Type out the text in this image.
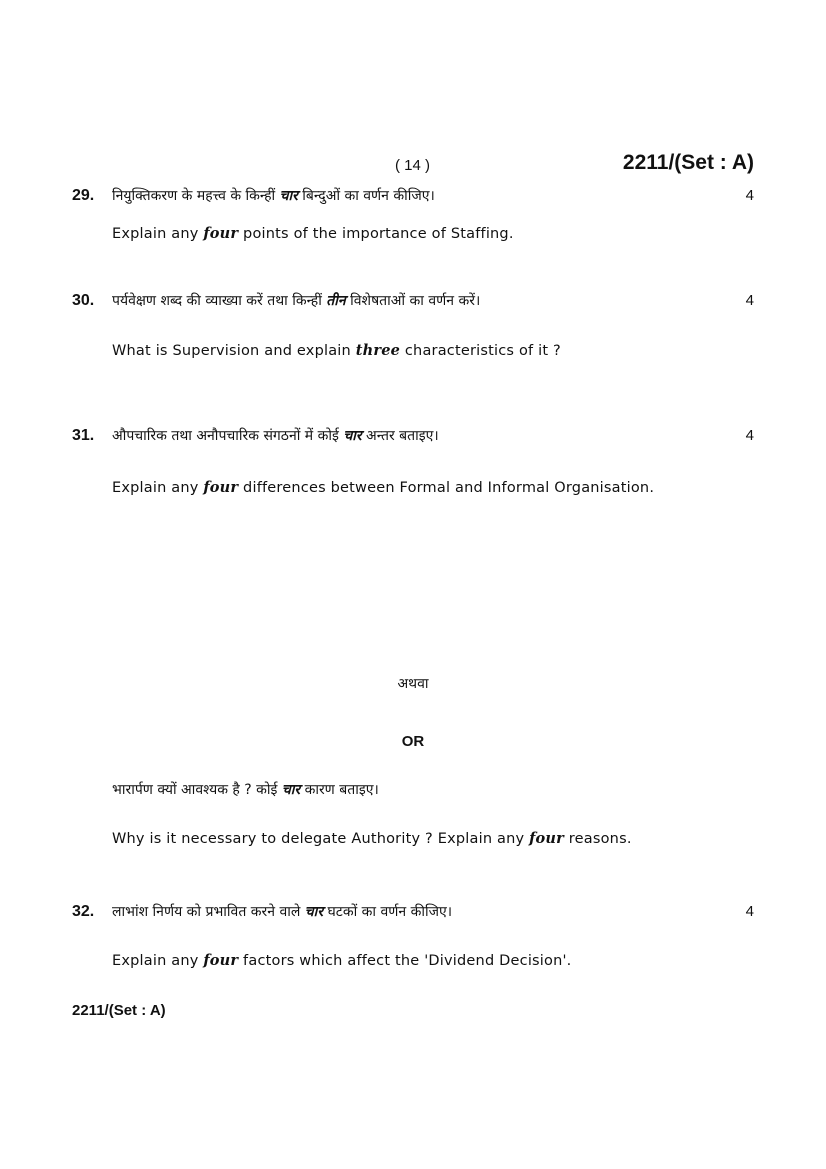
( 14 )	2211/(Set : A)
29. नियुक्तिकरण के महत्त्व के किन्हीं चार बिन्दुओं का वर्णन कीजिए।	4
Explain any four points of the importance of Staffing.
30. पर्यवेक्षण शब्द की व्याख्या करें तथा किन्हीं तीन विशेषताओं का वर्णन करें।	4
What is Supervision and explain three characteristics of it ?
31. औपचारिक तथा अनौपचारिक संगठनों में कोई चार अन्तर बताइए।	4
Explain any four differences between Formal and Informal Organisation.
अथवा
OR
भारार्पण क्यों आवश्यक है ? कोई चार कारण बताइए।
Why is it necessary to delegate Authority ? Explain any four reasons.
32. लाभांश निर्णय को प्रभावित करने वाले चार घटकों का वर्णन कीजिए।	4
Explain any four factors which affect the 'Dividend Decision'.
2211/(Set : A)
